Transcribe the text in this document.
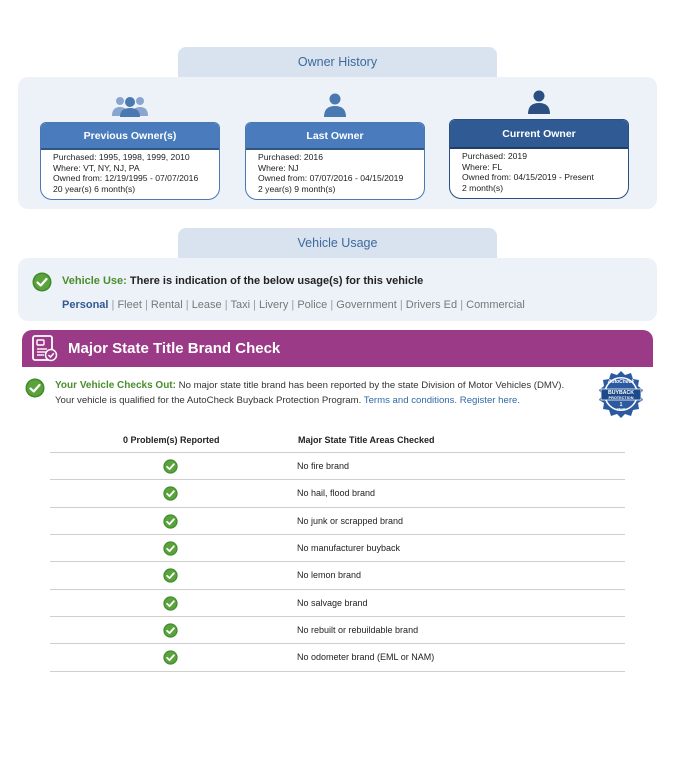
Owner History
Previous Owner(s)
Purchased: 1995, 1998, 1999, 2010
Where: VT, NY, NJ, PA
Owned from: 12/19/1995 - 07/07/2016
20 year(s) 6 month(s)
Last Owner
Purchased: 2016
Where: NJ
Owned from: 07/07/2016 - 04/15/2019
2 year(s) 9 month(s)
Current Owner
Purchased: 2019
Where: FL
Owned from: 04/15/2019 - Present
2 month(s)
Vehicle Usage
Vehicle Use: There is indication of the below usage(s) for this vehicle
Personal | Fleet | Rental | Lease | Taxi | Livery | Police | Government | Drivers Ed | Commercial
Major State Title Brand Check
Your Vehicle Checks Out: No major state title brand has been reported by the state Division of Motor Vehicles (DMV).
Your vehicle is qualified for the AutoCheck Buyback Protection Program. Terms and conditions. Register here.
AutoCheck
BUYBACK
PROTECTION
1
YEAR
0 Problem(s) Reported	Major State Title Areas Checked
No fire brand
No hail, flood brand
No junk or scrapped brand
No manufacturer buyback
No lemon brand
No salvage brand
No rebuilt or rebuildable brand
No odometer brand (EML or NAM)
